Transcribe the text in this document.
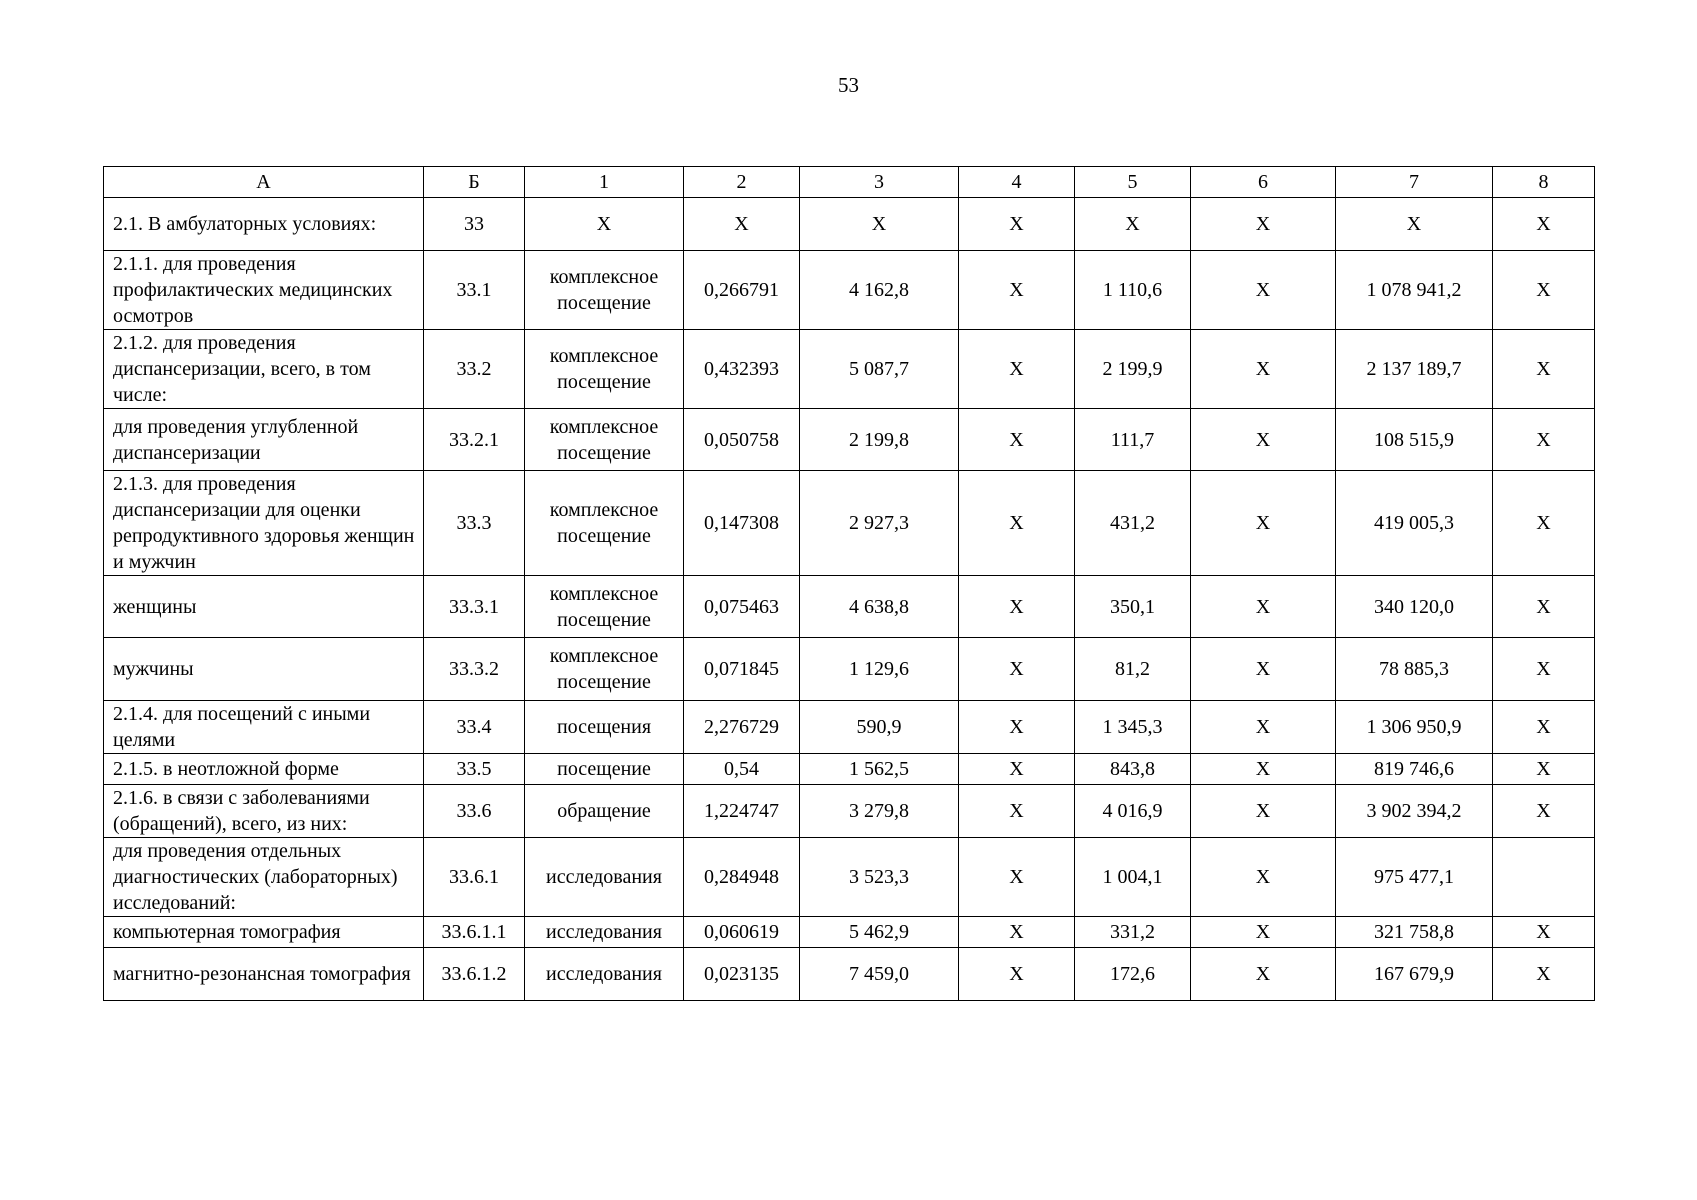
53
А	Б	1	2	3	4	5	6	7	8
2.1. В амбулаторных условиях:	33	Х	Х	Х	Х	Х	Х	Х	Х
2.1.1. для проведения профилактических медицинских осмотров	33.1	комплексное посещение	0,266791	4 162,8	Х	1 110,6	Х	1 078 941,2	Х
2.1.2. для проведения диспансеризации, всего, в том числе:	33.2	комплексное посещение	0,432393	5 087,7	Х	2 199,9	Х	2 137 189,7	Х
для проведения углубленной диспансеризации	33.2.1	комплексное посещение	0,050758	2 199,8	Х	111,7	Х	108 515,9	Х
2.1.3. для проведения диспансеризации для оценки репродуктивного здоровья женщин и мужчин	33.3	комплексное посещение	0,147308	2 927,3	Х	431,2	Х	419 005,3	Х
женщины	33.3.1	комплексное посещение	0,075463	4 638,8	Х	350,1	Х	340 120,0	Х
мужчины	33.3.2	комплексное посещение	0,071845	1 129,6	Х	81,2	Х	78 885,3	Х
2.1.4. для посещений с иными целями	33.4	посещения	2,276729	590,9	Х	1 345,3	Х	1 306 950,9	Х
2.1.5. в неотложной форме	33.5	посещение	0,54	1 562,5	Х	843,8	Х	819 746,6	Х
2.1.6. в связи с заболеваниями (обращений), всего, из них:	33.6	обращение	1,224747	3 279,8	Х	4 016,9	Х	3 902 394,2	Х
для проведения отдельных диагностических (лабораторных) исследований:	33.6.1	исследования	0,284948	3 523,3	Х	1 004,1	Х	975 477,1	
компьютерная томография	33.6.1.1	исследования	0,060619	5 462,9	Х	331,2	Х	321 758,8	Х
магнитно-резонансная томография	33.6.1.2	исследования	0,023135	7 459,0	Х	172,6	Х	167 679,9	Х
